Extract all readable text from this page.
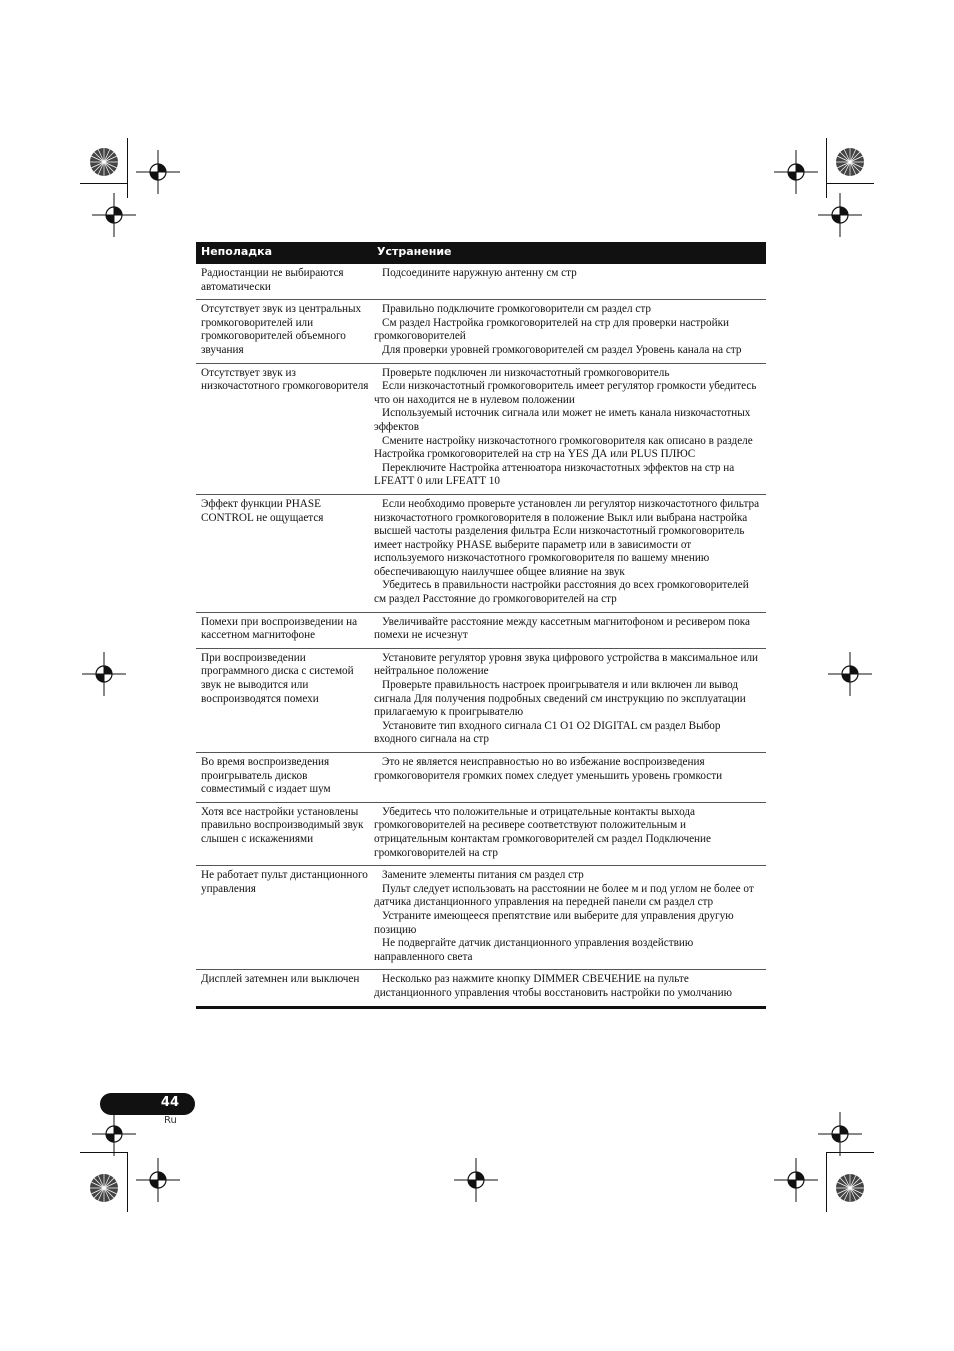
Неполадка	Устранение
Радиостанции не выбираются автоматически

Подсоедините наружную антенну см стр

Отсутствует звук из центральных громкоговорителей или громкоговорителей объемного звучания

Правильно подключите громкоговорители см раздел стр

См раздел Настройка громкоговорителей на стр для проверки настройки громкоговорителей

Для проверки уровней громкоговорителей см раздел Уровень канала на стр

Отсутствует звук из низкочастотного громкоговорителя

Проверьте подключен ли низкочастотный громкоговоритель

Если низкочастотный громкоговоритель имеет регулятор громкости убедитесь что он находится не в нулевом положении

Используемый источник сигнала или может не иметь канала низкочастотных эффектов

Смените настройку низкочастотного громкоговорителя как описано в разделе Настройка громкоговорителей на стр на YES ДА или PLUS ПЛЮС

Переключите Настройка аттенюатора низкочастотных эффектов на стр на LFEATT 0 или LFEATT 10

Эффект функции PHASE CONTROL не ощущается

Если необходимо проверьте установлен ли регулятор низкочастотного фильтра низкочастотного громкоговорителя в положение Выкл или выбрана настройка высшей частоты разделения фильтра Если низкочастотный громкоговоритель имеет настройку PHASE выберите параметр или в зависимости от используемого низкочастотного громкоговорителя по вашему мнению обеспечивающую наилучшее общее влияние на звук

Убедитесь в правильности настройки расстояния до всех громкоговорителей см раздел Расстояние до громкоговорителей на стр

Помехи при воспроизведении на кассетном магнитофоне

Увеличивайте расстояние между кассетным магнитофоном и ресивером пока помехи не исчезнут

При воспроизведении программного диска с системой звук не выводится или воспроизводятся помехи

Установите регулятор уровня звука цифрового устройства в максимальное или нейтральное положение

Проверьте правильность настроек проигрывателя и или включен ли вывод сигнала Для получения подробных сведений см инструкцию по эксплуатации прилагаемую к проигрывателю

Установите тип входного сигнала C1 O1 O2 DIGITAL см раздел Выбор входного сигнала на стр

Во время воспроизведения проигрыватель дисков совместимый с издает шум

Это не является неисправностью но во избежание воспроизведения громкоговорителя громких помех следует уменьшить уровень громкости

Хотя все настройки установлены правильно воспроизводимый звук слышен с искажениями

Убедитесь что положительные и отрицательные контакты выхода громкоговорителей на ресивере соответствуют положительным и отрицательным контактам громкоговорителей см раздел Подключение громкоговорителей на стр

Не работает пульт дистанционного управления

Замените элементы питания см раздел стр

Пульт следует использовать на расстоянии не более м и под углом не более от датчика дистанционного управления на передней панели см раздел стр

Устраните имеющееся препятствие или выберите для управления другую позицию

Не подвергайте датчик дистанционного управления воздействию направленного света

Дисплей затемнен или выключен	Несколько раз нажмите кнопку DIMMER СВЕЧЕНИЕ на пульте дистанционного управления чтобы восстановить настройки по умолчанию

44
Ru
